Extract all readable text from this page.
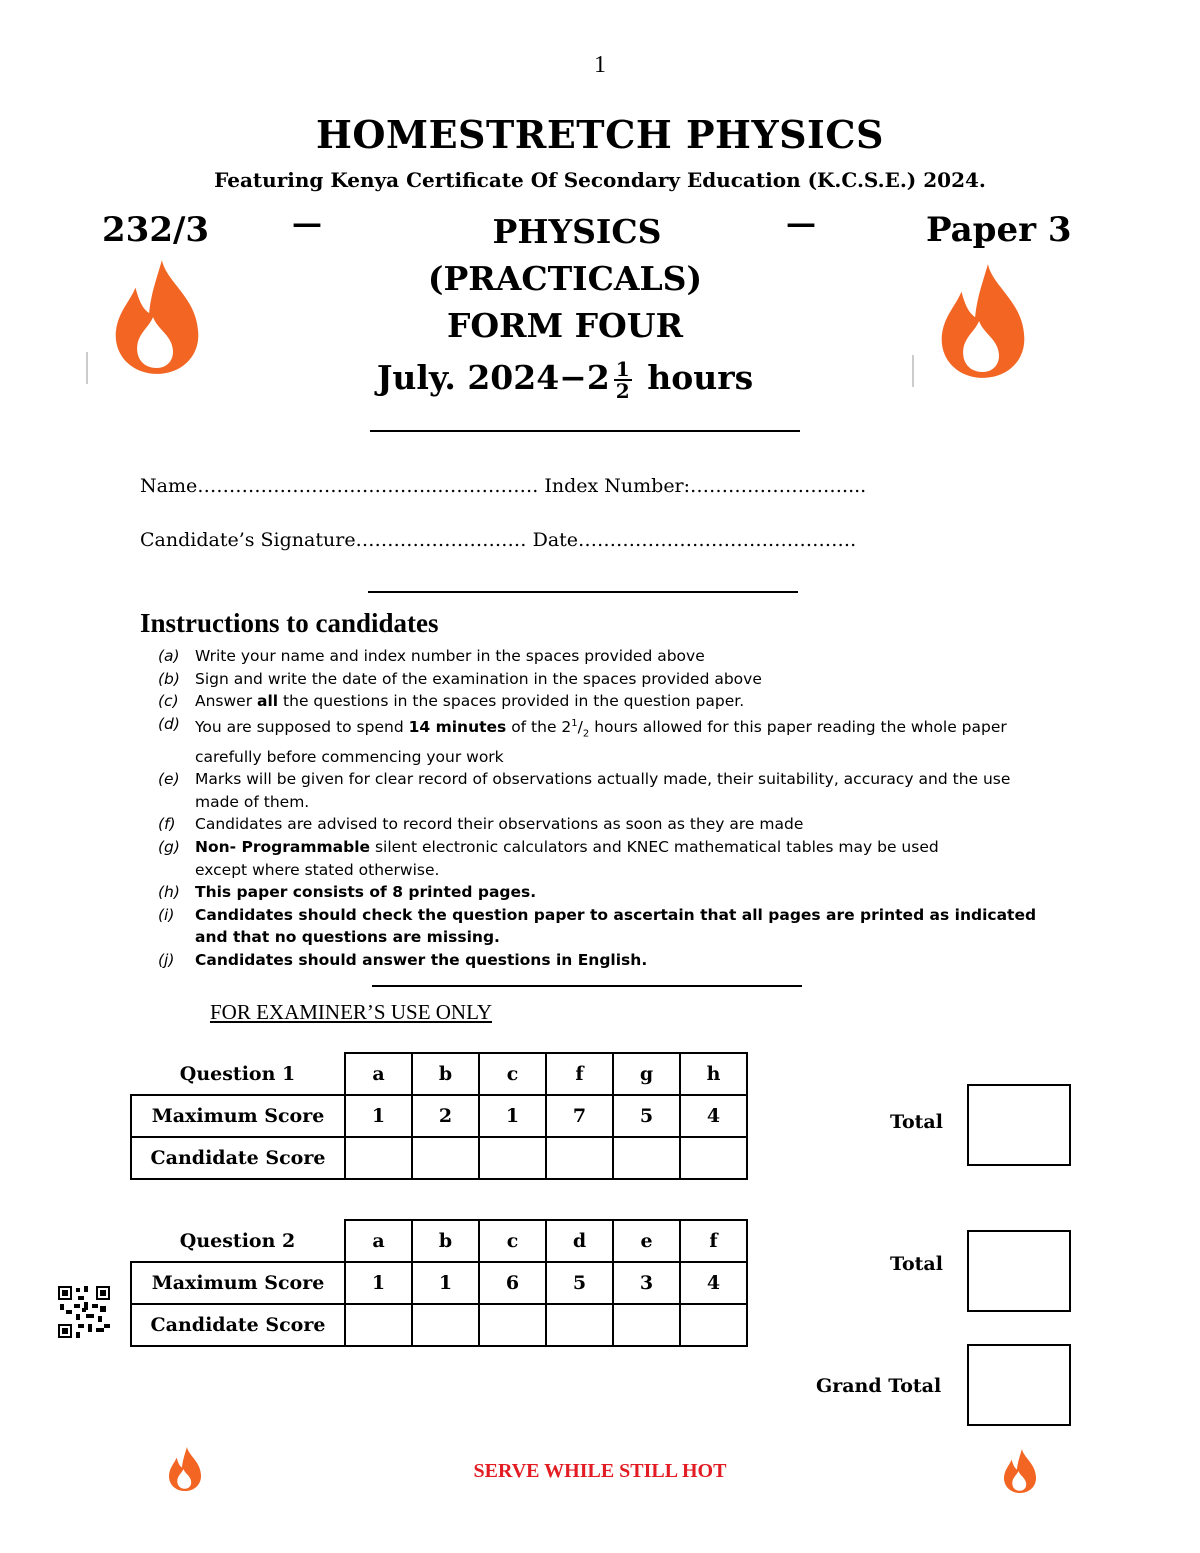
1
HOMESTRETCH PHYSICS
Featuring Kenya Certificate Of Secondary Education (K.C.S.E.) 2024.
232/3	—	—	Paper 3
PHYSICS
(PRACTICALS)
FORM FOUR
July. $2024-2 \frac{1}{2}$ hours
Name………………………………..……………. Index Number:……………………....
Candidate’s Signature……………………… Date………………………….………….
Instructions to candidates
(a) Write your name and index number in the spaces provided above
(b) Sign and write the date of the examination in the spaces provided above
(c)	Answer all the questions in the spaces provided in the question paper.
(d) You are supposed to spend 14 minutes of the $2^1/_2$ hours allowed for this paper reading the whole paper carefully before commencing your work
(e) Marks will be given for clear record of observations actually made, their suitability, accuracy and the use made of them.
(f)	Candidates are advised to record their observations as soon as they are made
(g) Non- Programmable silent electronic calculators and KNEC mathematical tables may be usedexcept where stated otherwise.
(h) This paper consists of 8 printed pages.
(i)	Candidates should check the question paper to ascertain that all pages are printed as indicated and that no questions are missing.
(j)	Candidates should answer the questions in English.
FOR EXAMINER’S USE ONLY
Question 1	a	b	c	f	g	h
Maximum Score	1	2	1	7	5	4
Candidate Score						
Question 2	a	b	c	d	e	f
Maximum Score	1	1	6	5	3	4
Candidate Score						
Total
Total
Grand Total
SERVE WHILE STILL HOT
